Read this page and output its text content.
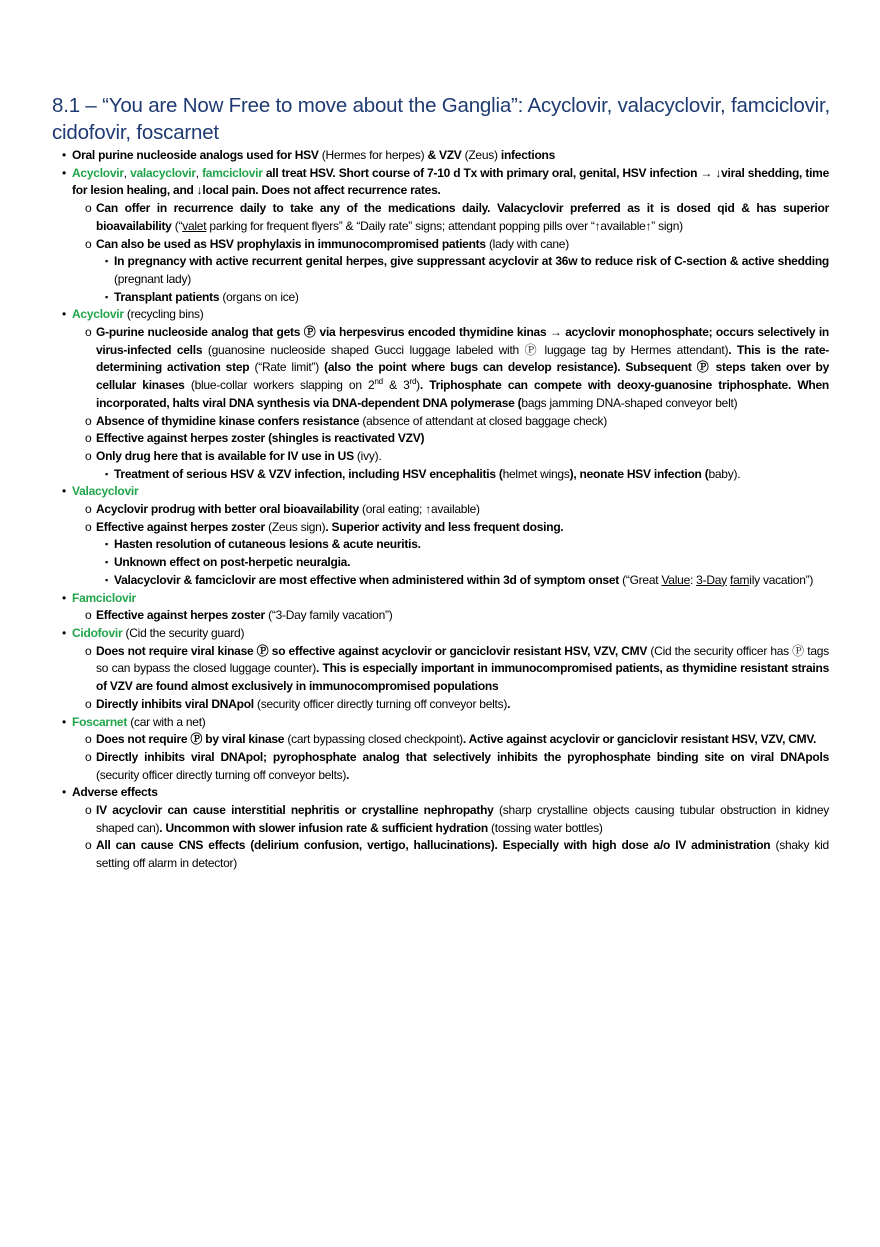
8.1 – “You are Now Free to move about the Ganglia”: Acyclovir, valacyclovir, famciclovir, cidofovir, foscarnet
• Oral purine nucleoside analogs used for HSV (Hermes for herpes) & VZV (Zeus) infections
• Acyclovir, valacyclovir, famciclovir all treat HSV. Short course of 7-10 d Tx with primary oral, genital, HSV infection → ↓viral shedding, time for lesion healing, and ↓local pain. Does not affect recurrence rates.
o Can offer in recurrence daily to take any of the medications daily. Valacyclovir preferred as it is dosed qid & has superior bioavailability (“valet parking for frequent flyers” & “Daily rate” signs; attendant popping pills over “↑available↑” sign)
o Can also be used as HSV prophylaxis in immunocompromised patients (lady with cane)
▪ In pregnancy with active recurrent genital herpes, give suppressant acyclovir at 36w to reduce risk of C-section & active shedding (pregnant lady)
▪ Transplant patients (organs on ice)
• Acyclovir (recycling bins)
o G-purine nucleoside analog that gets Ⓟ via herpesvirus encoded thymidine kinas → acyclovir monophosphate; occurs selectively in virus-infected cells (guanosine nucleoside shaped Gucci luggage labeled with Ⓟ luggage tag by Hermes attendant). This is the rate-determining activation step (“Rate limit”) (also the point where bugs can develop resistance). Subsequent Ⓟ steps taken over by cellular kinases (blue-collar workers slapping on 2nd & 3rd). Triphosphate can compete with deoxy-guanosine triphosphate. When incorporated, halts viral DNA synthesis via DNA-dependent DNA polymerase (bags jamming DNA-shaped conveyor belt)
o Absence of thymidine kinase confers resistance (absence of attendant at closed baggage check)
o Effective against herpes zoster (shingles is reactivated VZV)
o Only drug here that is available for IV use in US (ivy).
▪ Treatment of serious HSV & VZV infection, including HSV encephalitis (helmet wings), neonate HSV infection (baby).
• Valacyclovir
o Acyclovir prodrug with better oral bioavailability (oral eating; ↑available)
o Effective against herpes zoster (Zeus sign). Superior activity and less frequent dosing.
▪ Hasten resolution of cutaneous lesions & acute neuritis.
▪ Unknown effect on post-herpetic neuralgia.
▪ Valacyclovir & famciclovir are most effective when administered within 3d of symptom onset (“Great Value: 3-Day family vacation”)
• Famciclovir
o Effective against herpes zoster (“3-Day family vacation”)
• Cidofovir (Cid the security guard)
o Does not require viral kinase Ⓟ so effective against acyclovir or ganciclovir resistant HSV, VZV, CMV (Cid the security officer has Ⓟ tags so can bypass the closed luggage counter). This is especially important in immunocompromised patients, as thymidine resistant strains of VZV are found almost exclusively in immunocompromised populations
o Directly inhibits viral DNApol (security officer directly turning off conveyor belts).
• Foscarnet (car with a net)
o Does not require Ⓟ by viral kinase (cart bypassing closed checkpoint). Active against acyclovir or ganciclovir resistant HSV, VZV, CMV.
o Directly inhibits viral DNApol; pyrophosphate analog that selectively inhibits the pyrophosphate binding site on viral DNApols (security officer directly turning off conveyor belts).
• Adverse effects
o IV acyclovir can cause interstitial nephritis or crystalline nephropathy (sharp crystalline objects causing tubular obstruction in kidney shaped can). Uncommon with slower infusion rate & sufficient hydration (tossing water bottles)
o All can cause CNS effects (delirium confusion, vertigo, hallucinations). Especially with high dose a/o IV administration (shaky kid setting off alarm in detector)
